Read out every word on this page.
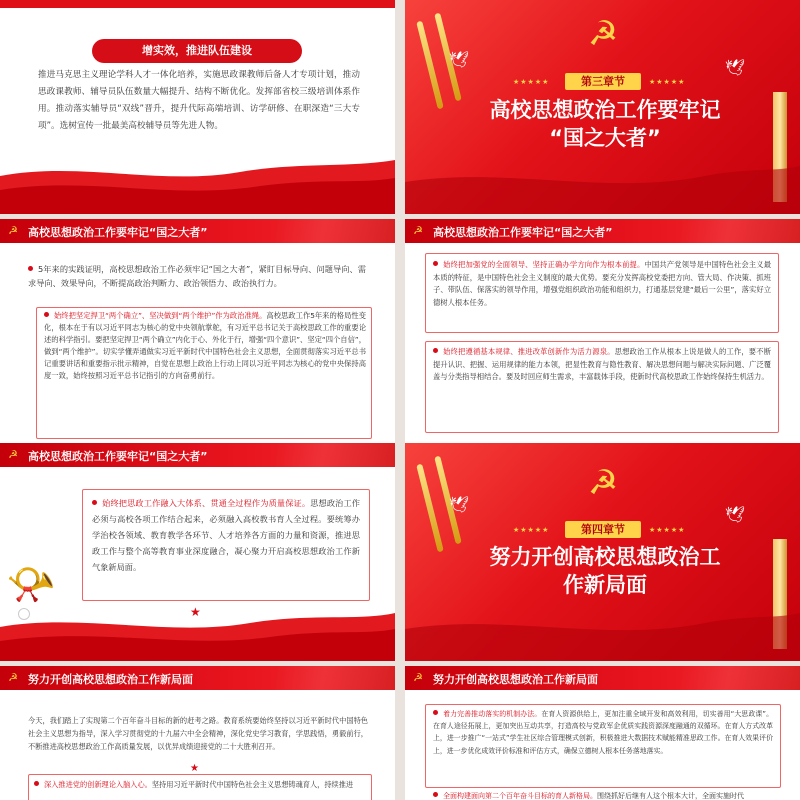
增实效，推进队伍建设
推进马克思主义理论学科人才一体化培养，实施思政课教师后备人才专项计划，推动思政课教师、辅导员队伍数量大幅提升、结构不断优化。发挥部省校三级培训体系作用。推动落实辅导员“双线”晋升，提升代际高端培训、访学研修、在职深造“三大专项”。选树宣传一批最美高校辅导员等先进人物。
🕊	🕊
☭
★★★★★	第三章节	★★★★★
高校思想政治工作要牢记
“国之大者”
☭ 高校思想政治工作要牢记“国之大者”
5年来的实践证明，高校思想政治工作必须牢记“国之大者”，紧盯目标导向、问题导向、需求导向、效果导向，不断提高政治判断力、政治领悟力、政治执行力。
始终把坚定捍卫“两个确立”、坚决做到“两个维护”作为政治准绳。高校思政工作5年来的格局性变化，根本在于有以习近平同志为核心的党中央领航掌舵，有习近平总书记关于高校思政工作的重要论述的科学指引。要把坚定捍卫“两个确立”内化于心、外化于行，增强“四个意识”、坚定“四个自信”，做到“两个维护”。切实学懂弄通做实习近平新时代中国特色社会主义思想，全面贯彻落实习近平总书记重要讲话和重要指示批示精神，自觉在思想上政治上行动上同以习近平同志为核心的党中央保持高度一致，始终按照习近平总书记指引的方向奋勇前行。
☭ 高校思想政治工作要牢记“国之大者”
始终把加强党的全面领导、坚持正确办学方向作为根本前提。中国共产党领导是中国特色社会主义最本质的特征，是中国特色社会主义制度的最大优势。要充分发挥高校党委把方向、管大局、作决策、抓班子、带队伍、保落实的领导作用，增强党组织政治功能和组织力，打通基层党建“最后一公里”，落实好立德树人根本任务。
始终把遵循基本规律、推进改革创新作为活力源泉。思想政治工作从根本上说是做人的工作，要不断提升认识、把握、运用规律的能力本领，把显性教育与隐性教育、解决思想问题与解决实际问题、广泛覆盖与分类指导相结合。要及时回应师生需求，丰富载体手段，使新时代高校思政工作始终保持生机活力。
☭ 高校思想政治工作要牢记“国之大者”
始终把思政工作融入大体系、贯通全过程作为质量保证。思想政治工作必须与高校各项工作结合起来，必须融入高校教书育人全过程。要统筹办学治校各领域、教育教学各环节、人才培养各方面的力量和资源，推进思政工作与整个高等教育事业深度融合，凝心聚力开启高校思想政治工作新气象新局面。
📯
★
🕊
🕊
☭
★★★★★	第四章节	★★★★★
努力开创高校思想政治工
作新局面
☭ 努力开创高校思想政治工作新局面
今天，我们踏上了实现第二个百年奋斗目标的新的赶考之路。教育系统要始终坚持以习近平新时代中国特色社会主义思想为指导，深入学习贯彻党的十九届六中全会精神，深化党史学习教育，学思践悟，勇毅前行，不断推进高校思想政治工作高质量发展，以优异成绩迎接党的二十大胜利召开。
★
深入推进党的创新理论入脑入心。坚持用习近平新时代中国特色社会主义思想铸魂育人，持续推进
☭ 努力开创高校思想政治工作新局面
着力完善推动落实的机制办法。在育人资源供给上，更加注重全域开发和高效利用，切实善用“大思政课”。在育人途径拓展上，更加突出互动共享，打造高校与党政军企优质实践资源深度融通的双循环。在育人方式改革上，进一步推广“一站式”学生社区综合管理模式创新，积极推进大数据技术赋能精准思政工作。在育人效果评价上，进一步优化成效评价标准和评估方式，确保立德树人根本任务落地落实。
全面构建面向第二个百年奋斗目标的育人新格局。围绕抓好后继有人这个根本大计，全面实施时代
